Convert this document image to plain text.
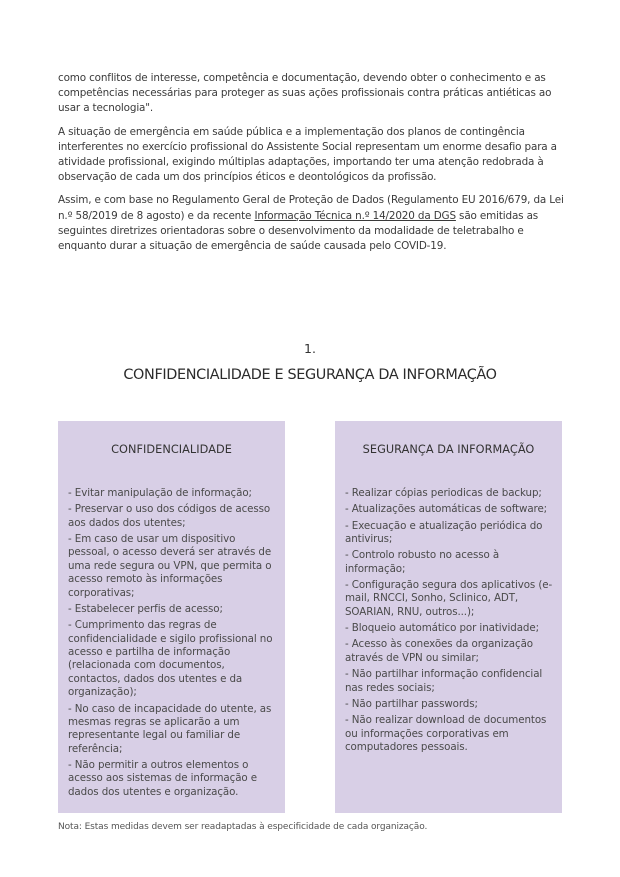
como conflitos de interesse, competência e documentação, devendo obter o conhecimento e as competências necessárias para proteger as suas ações profissionais contra práticas antiéticas ao usar a tecnologia".

A situação de emergência em saúde pública e a implementação dos planos de contingência interferentes no exercício profissional do Assistente Social representam um enorme desafio para a atividade profissional, exigindo múltiplas adaptações, importando ter uma atenção redobrada à observação de cada um dos princípios éticos e deontológicos da profissão.

Assim, e com base no Regulamento Geral de Proteção de Dados (Regulamento EU 2016/679, da Lei n.º 58/2019 de 8 agosto) e da recente Informação Técnica n.º 14/2020 da DGS são emitidas as seguintes diretrizes orientadoras sobre o desenvolvimento da modalidade de teletrabalho e enquanto durar a situação de emergência de saúde causada pelo COVID-19.

1.
CONFIDENCIALIDADE E SEGURANÇA DA INFORMAÇÃO
CONFIDENCIALIDADE
- Evitar manipulação de informação;
- Preservar o uso dos códigos de acesso aos dados dos utentes;
- Em caso de usar um dispositivo pessoal, o acesso deverá ser através de uma rede segura ou VPN, que permita o acesso remoto às informações corporativas;
- Estabelecer perfis de acesso;
- Cumprimento das regras de confidencialidade e sigilo profissional no acesso e partilha de informação (relacionada com documentos, contactos, dados dos utentes e da organização);
- No caso de incapacidade do utente, as mesmas regras se aplicarão a um representante legal ou familiar de referência;
- Não permitir a outros elementos o acesso aos sistemas de informação e dados dos utentes e organização.
SEGURANÇA DA INFORMAÇÃO
- Realizar cópias periodicas de backup;
- Atualizações automáticas de software;
- Execuação e atualização periódica do antivirus;
- Controlo robusto no acesso à informação;
- Configuração segura dos aplicativos (e-mail, RNCCI, Sonho, Sclinico, ADT, SOARIAN, RNU, outros...);
- Bloqueio automático por inatividade;
- Acesso às conexões da organização através de VPN ou similar;
- Não partilhar informação confidencial nas redes sociais;
- Não partilhar passwords;
- Não realizar download de documentos ou informações corporativas em computadores pessoais.
Nota: Estas medidas devem ser readaptadas à especificidade de cada organização.
